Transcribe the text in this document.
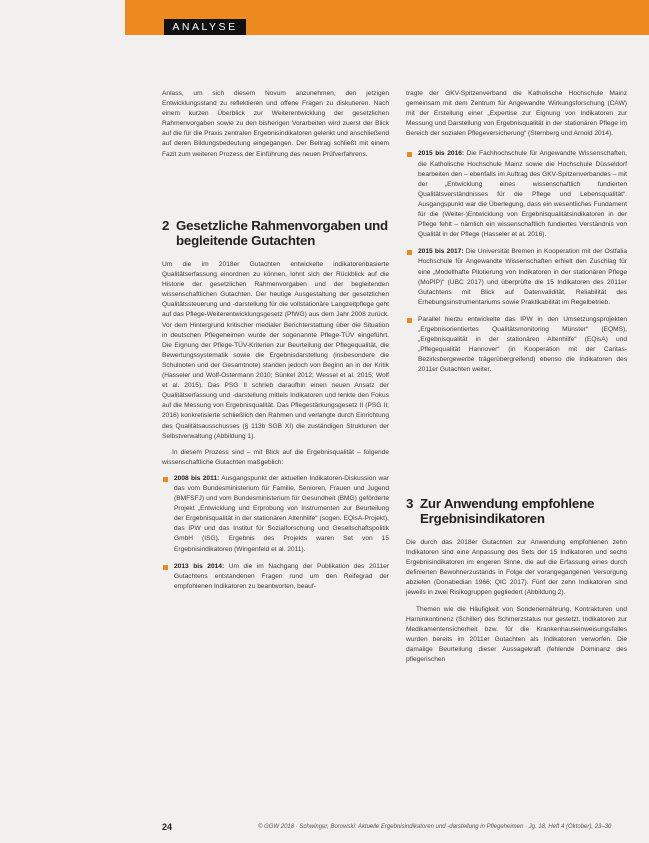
ANALYSE

Anlass, um sich diesem Novum anzunehmen, den jetzigen Entwicklungsstand zu reflektieren und offene Fragen zu diskutieren. Nach einem kurzen Überblick zur Weiterentwicklung der gesetzlichen Rahmenvorgaben sowie zu den bisherigen Vorarbeiten wird zuerst der Blick auf die für die Praxis zentralen Ergebnisindikatoren gelenkt und anschließend auf deren Bildungsbedeutung eingegangen. Der Beitrag schließt mit einem Fazit zum weiteren Prozess der Einführung des neuen Prüfverfahrens.

2 Gesetzliche Rahmenvorgaben und begleitende Gutachten

Um die im 2018er Gutachten entwickelte indikatorenbasierte Qualitätserfassung einordnen zu können, lohnt sich der Rückblick auf die Historie der gesetzlichen Rahmenvorgaben und der begleitenden wissenschaftlichen Gutachten. Der heutige Ausgestaltung der gesetzlichen Qualitätssteuerung und -darstellung für die vollstationäre Langzeitpflege geht auf das Pflege-Weiterentwicklungsgesetz (PfWG) aus dem Jahr 2008 zurück. Vor dem Hintergrund kritischer medialer Berichterstattung über die Situation in deutschen Pflegeheimen wurde der sogenannte Pflege-TÜV eingeführt. Die Eignung der Pflege-TÜV-Kriterien zur Beurteilung der Pflegequalität, die Bewertungssystematik sowie die Ergebnisdarstellung (insbesondere die Schulnoten und der Gesamtnote) standen jedoch von Beginn an in der Kritik (Hasseler und Wolf-Ostermann 2010; Sünkel 2012; Wessel et al. 2015; Wolf et al. 2015). Das PSG II schrieb daraufhin einen neuen Ansatz der Qualitätserfassung und -darstellung mittels Indikatoren und lenkte den Fokus auf die Messung von Ergebnisqualität. Das Pflegestärkungsgesetz II (PSG II; 2016) konkretisierte schließlich den Rahmen und verlangte durch Einrichtung des Qualitätsausschusses (§ 113b SGB XI) die zuständigen Strukturen der Selbstverwaltung (Abbildung 1).

In diesem Prozess sind – mit Blick auf die Ergebnisqualität – folgende wissenschaftliche Gutachten maßgeblich:

2008 bis 2011: Ausgangspunkt der aktuellen Indikatoren-Diskussion war das vom Bundesministerium für Familie, Senioren, Frauen und Jugend (BMFSFJ) und vom Bundesministerium für Gesundheit (BMG) geförderte Projekt „Entwicklung und Erprobung von Instrumenten zur Beurteilung der Ergebnisqualität in der stationären Altenhilfe“ (sogen. EQisA-Projekt), das IPW und das Institut für Sozialforschung und Gesellschaftspolitik GmbH (ISG). Ergebnis des Projekts waren Set von 15 Ergebnisindikatoren (Wingenfeld et al. 2011).
2013 bis 2014: Um die im Nachgang der Publikation des 2011er Gutachtens entstandenen Fragen rund um den Reifegrad der empfohlenen Indikatoren zu beantworten, beauf-

tragte der GKV-Spitzenverband die Katholische Hochschule Mainz gemeinsam mit dem Zentrum für Angewandte Wirkungsforschung (CAW) mit der Erstellung einer „Expertise zur Eignung von Indikatoren zur Messung und Darstellung von Ergebnisqualität in der stationären Pflege im Bereich der sozialen Pflegeversicherung“ (Sternberg und Arnold 2014).

2015 bis 2016: Die Fachhochschule für Angewandte Wissenschaften, die Katholische Hochschule Mainz sowie die Hochschule Düsseldorf bearbeiten den – ebenfalls im Auftrag des GKV-Spitzenverbandes – mit der „Entwicklung eines wissenschaftlich fundierten Qualitätsverständnisses für die Pflege und Lebensqualität“. Ausgangspunkt war die Überlegung, dass ein wesentliches Fundament für die (Weiter-)Entwicklung von Ergebnisqualitätsindikatoren in der Pflege fehlt – nämlich ein wissenschaftlich fundiertes Verständnis von Qualität in der Pflege (Hasseler et al. 2016).
2015 bis 2017: Die Universität Bremen in Kooperation mit der Ostfalia Hochschule für Angewandte Wissenschaften erhielt den Zuschlag für eine „Modellhafte Pilotierung von Indikatoren in der stationären Pflege (MoPIP)“ (UBC 2017) und überprüfte die 15 Indikatoren des 2011er Gutachtens mit Blick auf Datenvalidität, Reliabilität des Erhebungsinstrumentariums sowie Praktikabilität im Regelbetrieb.
Parallel hierzu entwickelte das IPW in den Umsetzungsprojekten „Ergebnisorientiertes Qualitätsmonitoring Münster“ (EQMS), „Ergebnisqualität in der stationären Altenhilfe“ (EQisA) und „Pflegequalität Hannover“ (in Kooperation mit der Caritas-Bezirksbergewerbe trägerübergreifend) ebenso die Indikatoren des 2011er Gutachten weiter.
3 Zur Anwendung empfohlene Ergebnisindikatoren

Die durch das 2018er Gutachten zur Anwendung empfohlenen zehn Indikatoren sind eine Anpassung des Sets der 15 Indikatoren und sechs Ergebnisindikatoren im engeren Sinne, die auf die Erfassung eines durch definierten Bewohnerzustands in Folge der vorangegangenen Versorgung abzielen (Donabedian 1966; QIC 2017). Fünf der zehn Indikatoren sind jeweils in zwei Risikogruppen gegliedert (Abbildung 2).

Themen wie die Häufigkeit von Sondenernährung, Kontrakturen und Harninkontinenz (Schiller) des Schmerzstatus nur gestetzt. Indikatoren zur Medikamentensicherheit bzw. für die Krankenhauseinweisungsfalles wurden bereits im 2011er Gutachten als Indikatoren verworfen. Die damalige Beurteilung dieser Aussagekraft (fehlende Dominanz des pflegerischen

24	© GGW 2018 · Schwinger, Borowski: Aktuelle Ergebnisindikatoren und -darstellung in Pflegeheimen · Jg. 18, Heft 4 (Oktober), 23–30
